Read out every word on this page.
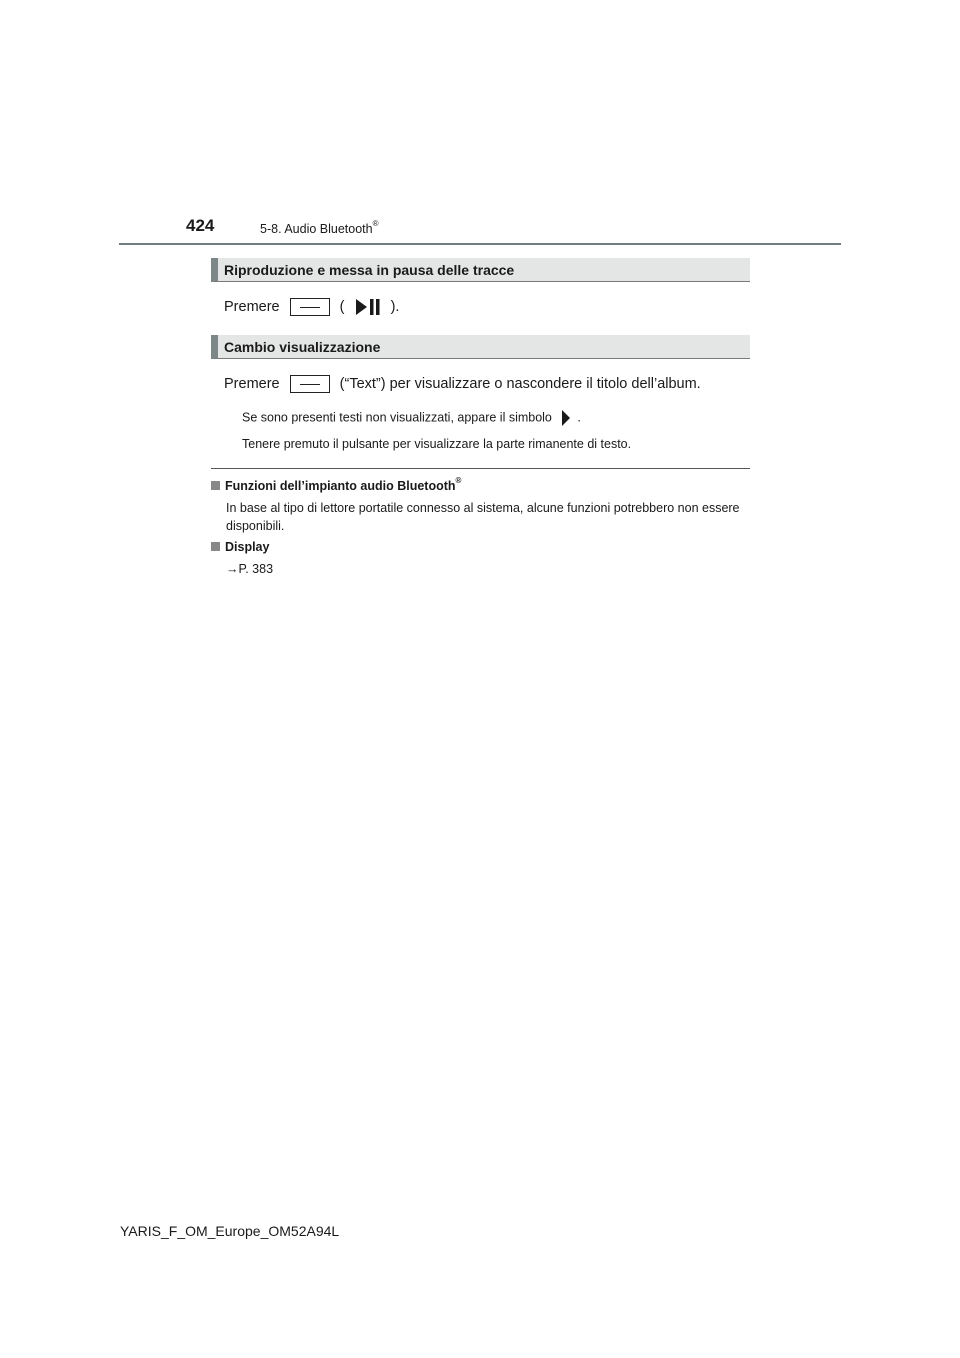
424	5-8. Audio Bluetooth®
Riproduzione e messa in pausa delle tracce
Premere	(	).
Cambio visualizzazione
Premere	(“Text”) per visualizzare o nascondere il titolo dell’album.
Se sono presenti testi non visualizzati, appare il simbolo .
Tenere premuto il pulsante per visualizzare la parte rimanente di testo.
Funzioni dell’impianto audio Bluetooth®
In base al tipo di lettore portatile connesso al sistema, alcune funzioni potrebbero non essere disponibili.
Display
→P. 383
YARIS_F_OM_Europe_OM52A94L
